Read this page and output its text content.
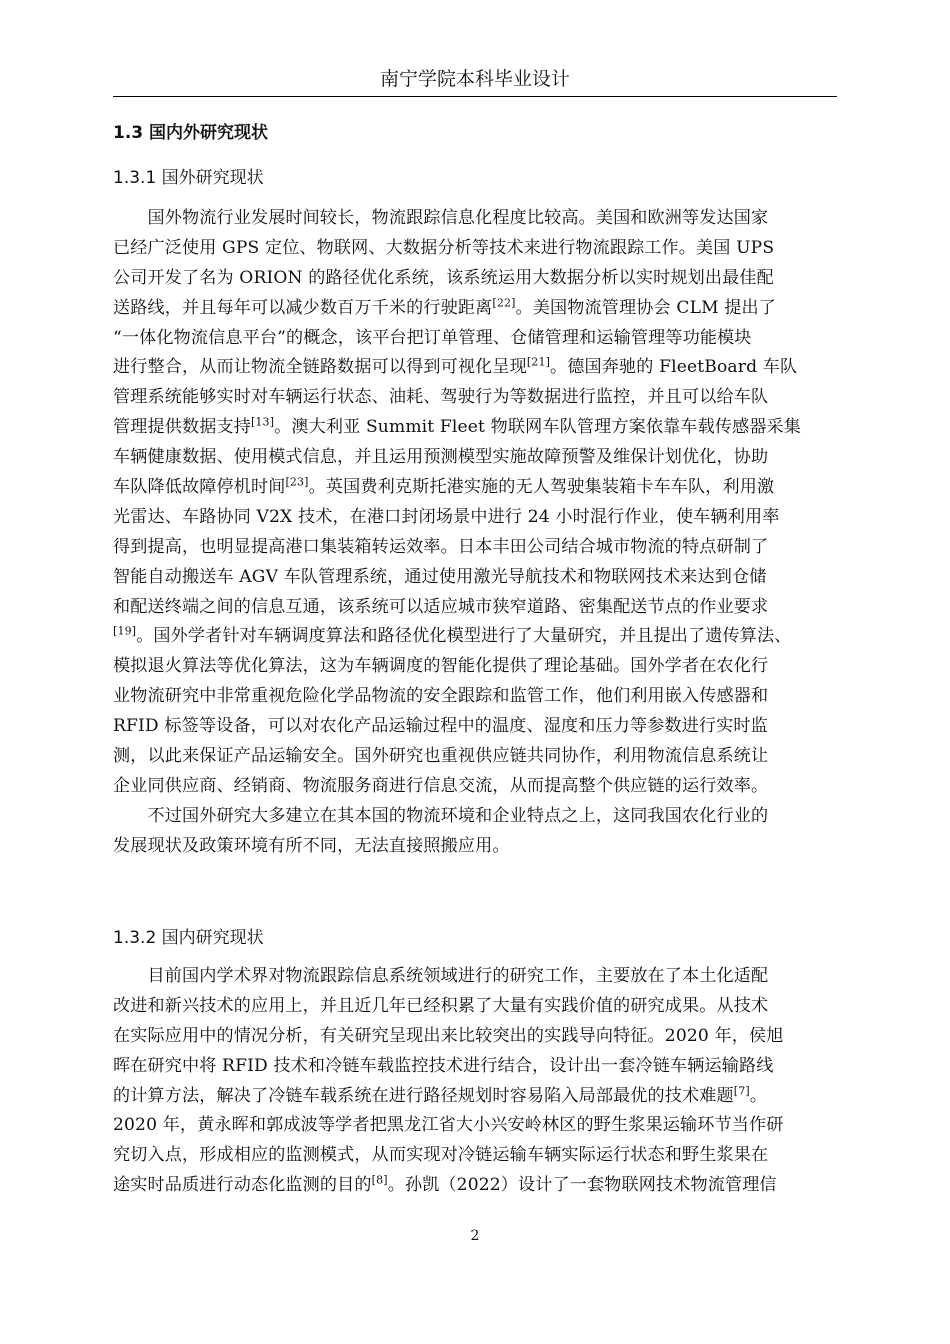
南宁学院本科毕业设计
1.3 国内外研究现状
1.3.1 国外研究现状
　　国外物流行业发展时间较长，物流跟踪信息化程度比较高。美国和欧洲等发达国家
已经广泛使用 GPS 定位、物联网、大数据分析等技术来进行物流跟踪工作。美国 UPS
公司开发了名为 ORION 的路径优化系统，该系统运用大数据分析以实时规划出最佳配
送路线，并且每年可以减少数百万千米的行驶距离[22]。美国物流管理协会 CLM 提出了
“一体化物流信息平台”的概念，该平台把订单管理、仓储管理和运输管理等功能模块
进行整合，从而让物流全链路数据可以得到可视化呈现[21]。德国奔驰的 FleetBoard 车队
管理系统能够实时对车辆运行状态、油耗、驾驶行为等数据进行监控，并且可以给车队
管理提供数据支持[13]。澳大利亚 Summit Fleet 物联网车队管理方案依靠车载传感器采集
车辆健康数据、使用模式信息，并且运用预测模型实施故障预警及维保计划优化，协助
车队降低故障停机时间[23]。英国费利克斯托港实施的无人驾驶集装箱卡车车队，利用激
光雷达、车路协同 V2X 技术，在港口封闭场景中进行 24 小时混行作业，使车辆利用率
得到提高，也明显提高港口集装箱转运效率。日本丰田公司结合城市物流的特点研制了
智能自动搬送车 AGV 车队管理系统，通过使用激光导航技术和物联网技术来达到仓储
和配送终端之间的信息互通，该系统可以适应城市狭窄道路、密集配送节点的作业要求
[19]。国外学者针对车辆调度算法和路径优化模型进行了大量研究，并且提出了遗传算法、
模拟退火算法等优化算法，这为车辆调度的智能化提供了理论基础。国外学者在农化行
业物流研究中非常重视危险化学品物流的安全跟踪和监管工作，他们利用嵌入传感器和
RFID 标签等设备，可以对农化产品运输过程中的温度、湿度和压力等参数进行实时监
测，以此来保证产品运输安全。国外研究也重视供应链共同协作，利用物流信息系统让
企业同供应商、经销商、物流服务商进行信息交流，从而提高整个供应链的运行效率。
　　不过国外研究大多建立在其本国的物流环境和企业特点之上，这同我国农化行业的
发展现状及政策环境有所不同，无法直接照搬应用。
1.3.2 国内研究现状
　　目前国内学术界对物流跟踪信息系统领域进行的研究工作，主要放在了本土化适配
改进和新兴技术的应用上，并且近几年已经积累了大量有实践价值的研究成果。从技术
在实际应用中的情况分析，有关研究呈现出来比较突出的实践导向特征。2020 年，侯旭
晖在研究中将 RFID 技术和冷链车载监控技术进行结合，设计出一套冷链车辆运输路线
的计算方法，解决了冷链车载系统在进行路径规划时容易陷入局部最优的技术难题[7]。
2020 年，黄永晖和郭成波等学者把黑龙江省大小兴安岭林区的野生浆果运输环节当作研
究切入点，形成相应的监测模式，从而实现对冷链运输车辆实际运行状态和野生浆果在
途实时品质进行动态化监测的目的[8]。孙凯（2022）设计了一套物联网技术物流管理信
2
